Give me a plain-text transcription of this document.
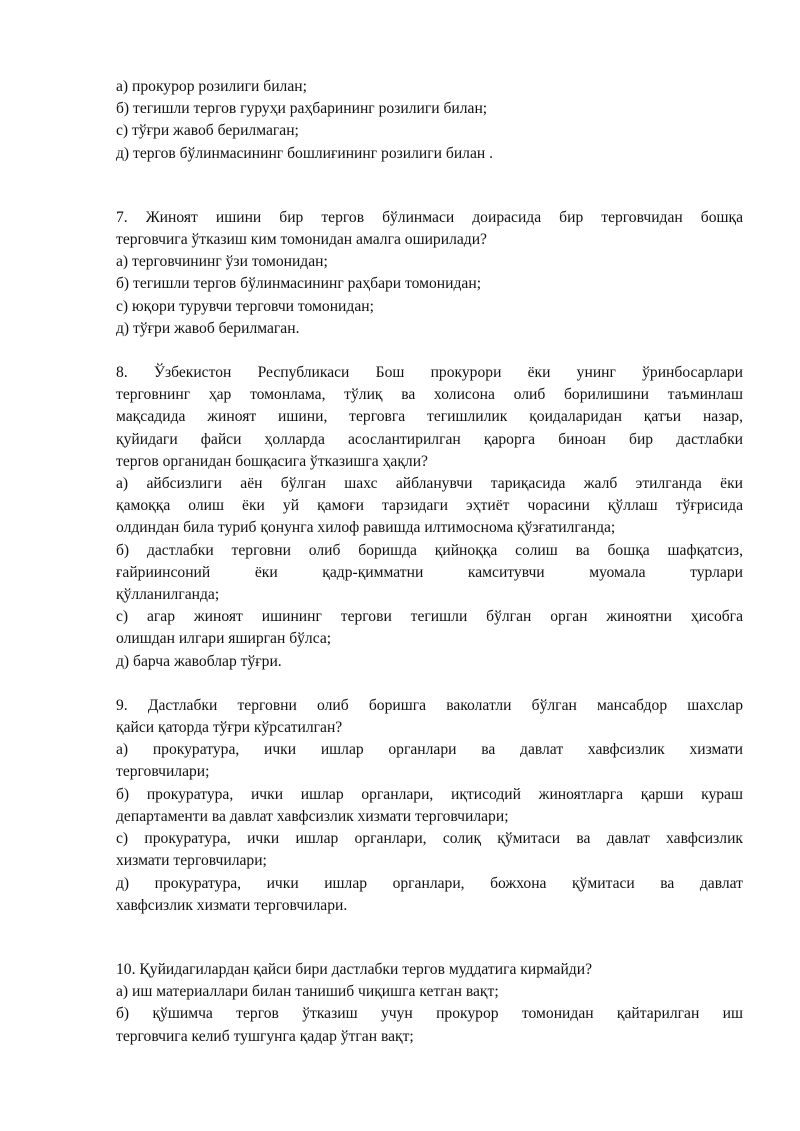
а) прокурор розилиги билан;

б) тегишли тергов гуруҳи раҳбарининг розилиги билан;

с) тўғри жавоб берилмаган;

д) тергов бўлинмасининг бошлиғининг розилиги билан .

7. Жиноят ишини бир тергов бўлинмаси доирасида бир терговчидан бошқа

терговчига ўтказиш ким томонидан амалга оширилади?

а) терговчининг ўзи томонидан;

б) тегишли тергов бўлинмасининг раҳбари томонидан;

с) юқори турувчи терговчи томонидан;

д) тўғри жавоб берилмаган.

8. Ўзбекистон Республикаси Бош прокурори ёки унинг ўринбосарлари

терговнинг ҳар томонлама, тўлиқ ва холисона олиб борилишини таъминлаш

мақсадида жиноят ишини, терговга тегишлилик қоидаларидан қатъи назар,

қуйидаги файси ҳолларда асослантирилган қарорга биноан бир дастлабки

тергов органидан бошқасига ўтказишга ҳақли?

а) айбсизлиги аён бўлган шахс айбланувчи тариқасида жалб этилганда ёки

қамоққа олиш ёки уй қамоғи тарзидаги эҳтиёт чорасини қўллаш тўғрисида

олдиндан била туриб қонунга хилоф равишда илтимоснома қўзғатилганда;

б) дастлабки терговни олиб боришда қийноққа солиш ва бошқа шафқатсиз,

ғайриинсоний ёки қадр-қимматни камситувчи муомала турлари

қўлланилганда;

с) агар жиноят ишининг тергови тегишли бўлган орган жиноятни ҳисобга

олишдан илгари яширган бўлса;

д) барча жавоблар тўғри.

9. Дастлабки терговни олиб боришга ваколатли бўлган мансабдор шахслар

қайси қаторда тўғри кўрсатилган?

а) прокуратура, ички ишлар органлари ва давлат хавфсизлик хизмати

терговчилари;

б) прокуратура, ички ишлар органлари, иқтисодий жиноятларга қарши кураш

департаменти ва давлат хавфсизлик хизмати терговчилари;

с) прокуратура, ички ишлар органлари, солиқ қўмитаси ва давлат хавфсизлик

хизмати терговчилари;

д) прокуратура, ички ишлар органлари, божхона қўмитаси ва давлат

хавфсизлик хизмати терговчилари.

10. Қуйидагилардан қайси бири дастлабки тергов муддатига кирмайди?

а) иш материаллари билан танишиб чиқишга кетган вақт;

б) қўшимча тергов ўтказиш учун прокурор томонидан қайтарилган иш

терговчига келиб тушгунга қадар ўтган вақт;
